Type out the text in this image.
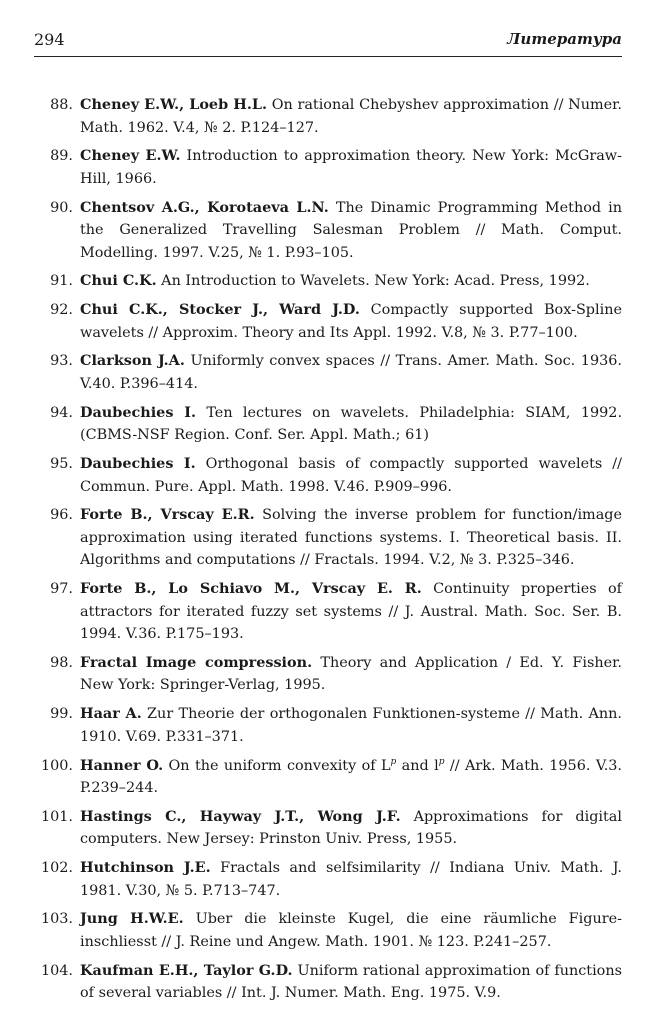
294	Литература
88. Cheney E.W., Loeb H.L. On rational Chebyshev approximation // Numer. Math. 1962. V.4, № 2. P.124–127.
89. Cheney E.W. Introduction to approximation theory. New York: McGraw-Hill, 1966.
90. Chentsov A.G., Korotaeva L.N. The Dinamic Programming Method in the Generalized Travelling Salesman Problem // Math. Comput. Modelling. 1997. V.25, № 1. P.93–105.
91. Chui C.K. An Introduction to Wavelets. New York: Acad. Press, 1992.
92. Chui C.K., Stocker J., Ward J.D. Compactly supported Box-Spline wavelets // Approxim. Theory and Its Appl. 1992. V.8, № 3. P.77–100.
93. Clarkson J.A. Uniformly convex spaces // Trans. Amer. Math. Soc. 1936. V.40. P.396–414.
94. Daubechies I. Ten lectures on wavelets. Philadelphia: SIAM, 1992. (CBMS-NSF Region. Conf. Ser. Appl. Math.; 61)
95. Daubechies I. Orthogonal basis of compactly supported wavelets // Commun. Pure. Appl. Math. 1998. V.46. P.909–996.
96. Forte B., Vrscay E.R. Solving the inverse problem for function/image approximation using iterated functions systems. I. Theoretical basis. II. Algorithms and computations // Fractals. 1994. V.2, № 3. P.325–346.
97. Forte B., Lo Schiavo M., Vrscay E. R. Continuity properties of attractors for iterated fuzzy set systems // J. Austral. Math. Soc. Ser. B. 1994. V.36. P.175–193.
98. Fractal Image compression. Theory and Application / Ed. Y. Fisher. New York: Springer-Verlag, 1995.
99. Haar A. Zur Theorie der orthogonalen Funktionen-systeme // Math. Ann. 1910. V.69. P.331–371.
100. Hanner O. On the uniform convexity of $L^p$ and $l^p$ // Ark. Math. 1956. V.3. P.239–244.
101. Hastings C., Hayway J.T., Wong J.F. Approximations for digital computers. New Jersey: Prinston Univ. Press, 1955.
102. Hutchinson J.E. Fractals and selfsimilarity // Indiana Univ. Math. J. 1981. V.30, № 5. P.713–747.
103. Jung H.W.E. Uber die kleinste Kugel, die eine räumliche Figure-inschliesst // J. Reine und Angew. Math. 1901. № 123. P.241–257.
104. Kaufman E.H., Taylor G.D. Uniform rational approximation of functions of several variables // Int. J. Numer. Math. Eng. 1975. V.9.
